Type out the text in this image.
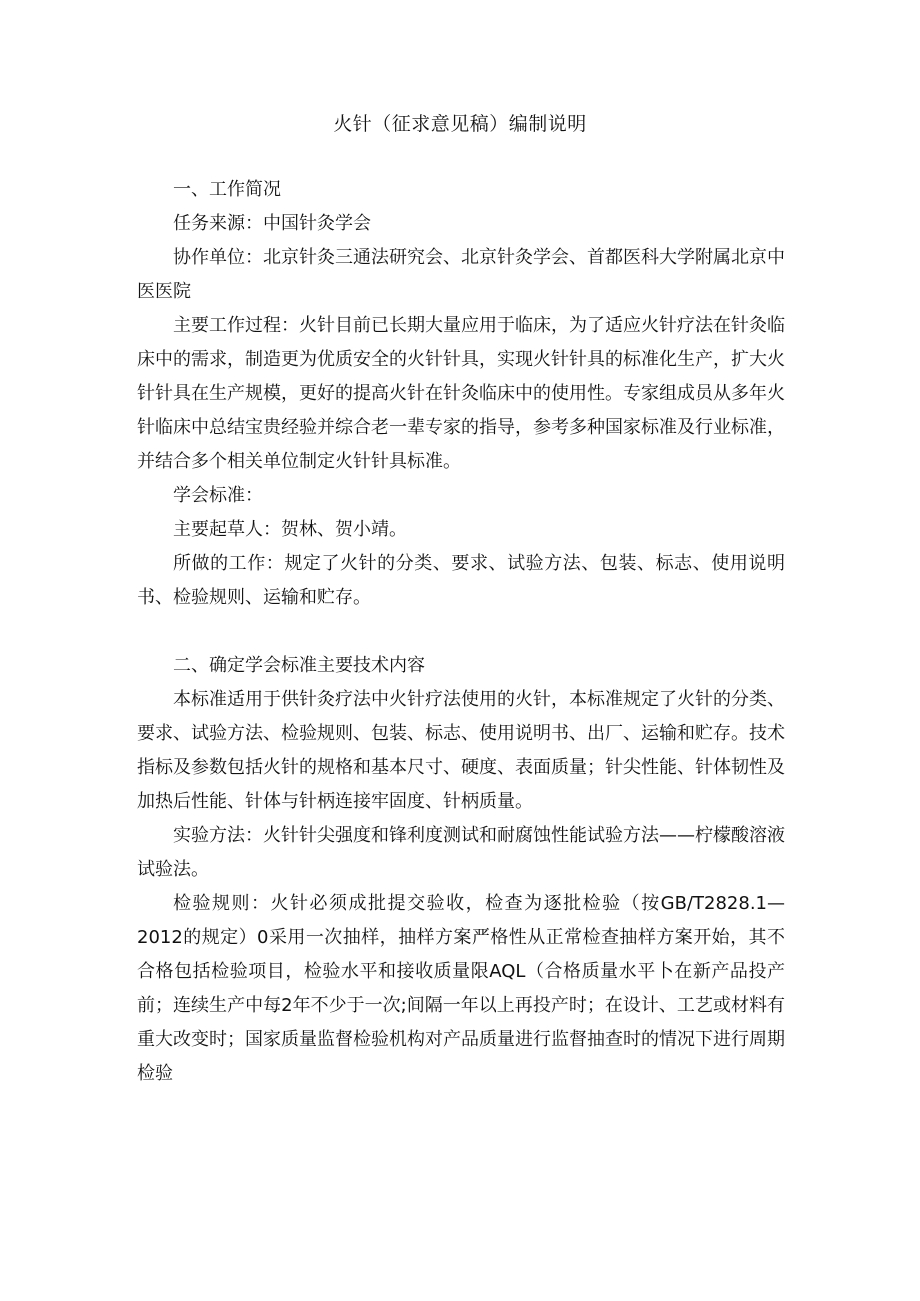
火针（征求意见稿）编制说明

一、工作简况

任务来源：中国针灸学会

协作单位：北京针灸三通法研究会、北京针灸学会、首都医科大学附属北京中医医院

主要工作过程：火针目前已长期大量应用于临床，为了适应火针疗法在针灸临床中的需求，制造更为优质安全的火针针具，实现火针针具的标准化生产，扩大火针针具在生产规模，更好的提高火针在针灸临床中的使用性。专家组成员从多年火针临床中总结宝贵经验并综合老一辈专家的指导，参考多种国家标准及行业标准，并结合多个相关单位制定火针针具标准。

学会标准：

主要起草人：贺林、贺小靖。

所做的工作：规定了火针的分类、要求、试验方法、包装、标志、使用说明书、检验规则、运输和贮存。

二、确定学会标准主要技术内容

本标准适用于供针灸疗法中火针疗法使用的火针，本标准规定了火针的分类、要求、试验方法、检验规则、包装、标志、使用说明书、出厂、运输和贮存。技术指标及参数包括火针的规格和基本尺寸、硬度、表面质量；针尖性能、针体韧性及加热后性能、针体与针柄连接牢固度、针柄质量。

实验方法：火针针尖强度和锋利度测试和耐腐蚀性能试验方法——柠檬酸溶液试验法。

检验规则：火针必须成批提交验收，检查为逐批检验（按GB/T2828.1—2012的规定）0采用一次抽样，抽样方案严格性从正常检查抽样方案开始，其不合格包括检验项目，检验水平和接收质量限AQL（合格质量水平卜在新产品投产前；连续生产中每2年不少于一次;间隔一年以上再投产时；在设计、工艺或材料有重大改变时；国家质量监督检验机构对产品质量进行监督抽查时的情况下进行周期检验
